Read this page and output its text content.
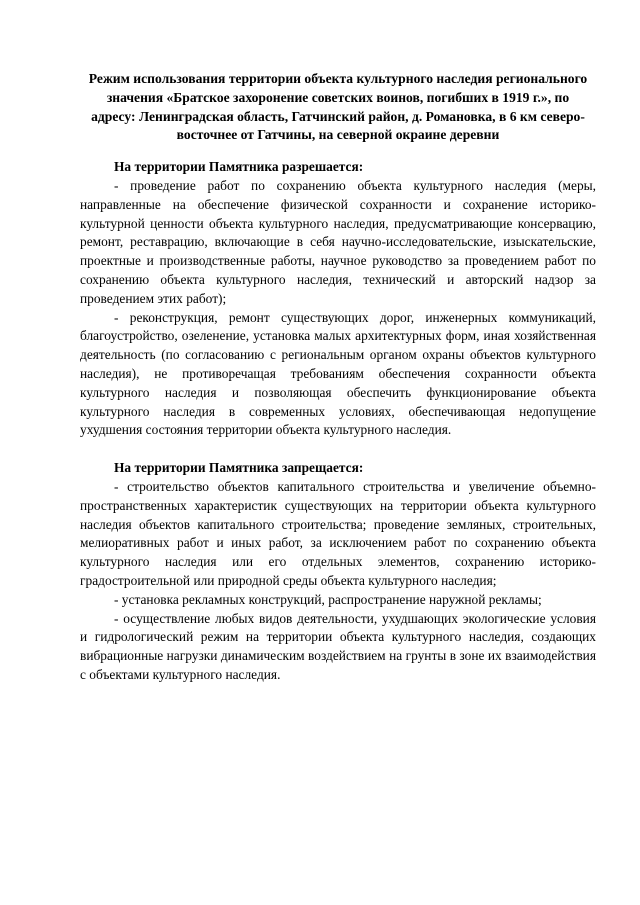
Режим использования территории объекта культурного наследия регионального значения «Братское захоронение советских воинов, погибших в 1919 г.», по адресу: Ленинградская область, Гатчинский район, д. Романовка, в 6 км северо-восточнее от Гатчины, на северной окраине деревни

На территории Памятника разрешается:

- проведение работ по сохранению объекта культурного наследия (меры, направленные на обеспечение физической сохранности и сохранение историко-культурной ценности объекта культурного наследия, предусматривающие консервацию, ремонт, реставрацию, включающие в себя научно-исследовательские, изыскательские, проектные и производственные работы, научное руководство за проведением работ по сохранению объекта культурного наследия, технический и авторский надзор за проведением этих работ);

- реконструкция, ремонт существующих дорог, инженерных коммуникаций, благоустройство, озеленение, установка малых архитектурных форм, иная хозяйственная деятельность (по согласованию с региональным органом охраны объектов культурного наследия), не противоречащая требованиям обеспечения сохранности объекта культурного наследия и позволяющая обеспечить функционирование объекта культурного наследия в современных условиях, обеспечивающая недопущение ухудшения состояния территории объекта культурного наследия.

На территории Памятника запрещается:

- строительство объектов капитального строительства и увеличение объемно-пространственных характеристик существующих на территории объекта культурного наследия объектов капитального строительства; проведение земляных, строительных, мелиоративных работ и иных работ, за исключением работ по сохранению объекта культурного наследия или его отдельных элементов, сохранению историко-градостроительной или природной среды объекта культурного наследия;

- установка рекламных конструкций, распространение наружной рекламы;

- осуществление любых видов деятельности, ухудшающих экологические условия и гидрологический режим на территории объекта культурного наследия, создающих вибрационные нагрузки динамическим воздействием на грунты в зоне их взаимодействия с объектами культурного наследия.
